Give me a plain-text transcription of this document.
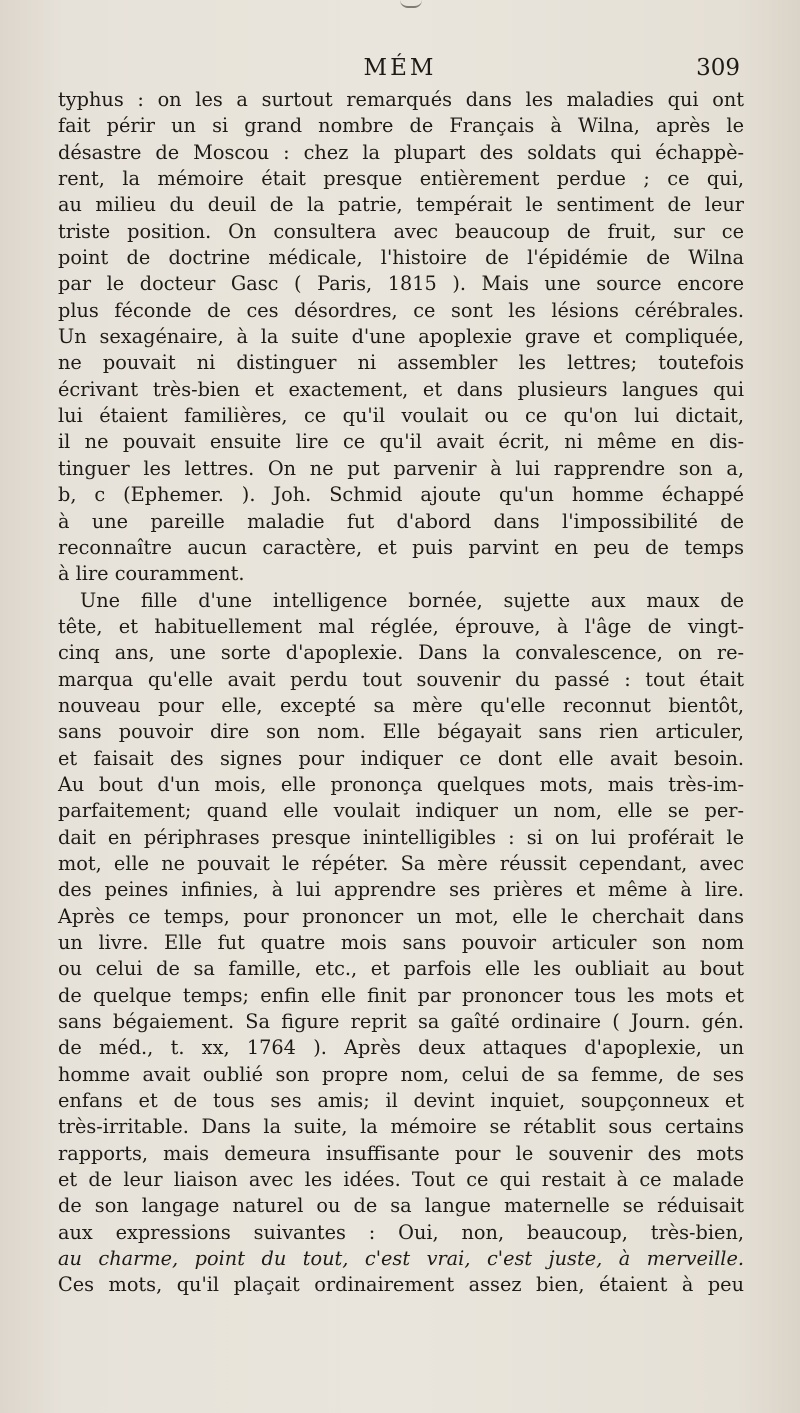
MÉM	309
typhus : on les a surtout remarqués dans les maladies qui ont
fait périr un si grand nombre de Français à Wilna, après le
désastre de Moscou : chez la plupart des soldats qui échappè-
rent, la mémoire était presque entièrement perdue ; ce qui,
au milieu du deuil de la patrie, tempérait le sentiment de leur
triste position. On consultera avec beaucoup de fruit, sur ce
point de doctrine médicale, l'histoire de l'épidémie de Wilna
par le docteur Gasc ( Paris, 1815 ). Mais une source encore
plus féconde de ces désordres, ce sont les lésions cérébrales.
Un sexagénaire, à la suite d'une apoplexie grave et compliquée,
ne pouvait ni distinguer ni assembler les lettres; toutefois
écrivant très-bien et exactement, et dans plusieurs langues qui
lui étaient familières, ce qu'il voulait ou ce qu'on lui dictait,
il ne pouvait ensuite lire ce qu'il avait écrit, ni même en dis-
tinguer les lettres. On ne put parvenir à lui rapprendre son a,
b, c (Ephemer. ). Joh. Schmid ajoute qu'un homme échappé
à une pareille maladie fut d'abord dans l'impossibilité de
reconnaître aucun caractère, et puis parvint en peu de temps
à lire couramment.
Une fille d'une intelligence bornée, sujette aux maux de
tête, et habituellement mal réglée, éprouve, à l'âge de vingt-
cinq ans, une sorte d'apoplexie. Dans la convalescence, on re-
marqua qu'elle avait perdu tout souvenir du passé : tout était
nouveau pour elle, excepté sa mère qu'elle reconnut bientôt,
sans pouvoir dire son nom. Elle bégayait sans rien articuler,
et faisait des signes pour indiquer ce dont elle avait besoin.
Au bout d'un mois, elle prononça quelques mots, mais très-im-
parfaitement; quand elle voulait indiquer un nom, elle se per-
dait en périphrases presque inintelligibles : si on lui proférait le
mot, elle ne pouvait le répéter. Sa mère réussit cependant, avec
des peines infinies, à lui apprendre ses prières et même à lire.
Après ce temps, pour prononcer un mot, elle le cherchait dans
un livre. Elle fut quatre mois sans pouvoir articuler son nom
ou celui de sa famille, etc., et parfois elle les oubliait au bout
de quelque temps; enfin elle finit par prononcer tous les mots et
sans bégaiement. Sa figure reprit sa gaîté ordinaire ( Journ. gén.
de méd., t. xx, 1764 ). Après deux attaques d'apoplexie, un
homme avait oublié son propre nom, celui de sa femme, de ses
enfans et de tous ses amis; il devint inquiet, soupçonneux et
très-irritable. Dans la suite, la mémoire se rétablit sous certains
rapports, mais demeura insuffisante pour le souvenir des mots
et de leur liaison avec les idées. Tout ce qui restait à ce malade
de son langage naturel ou de sa langue maternelle se réduisait
aux expressions suivantes : Oui, non, beaucoup, très-bien,
au charme, point du tout, c'est vrai, c'est juste, à merveille.
Ces mots, qu'il plaçait ordinairement assez bien, étaient à peu
